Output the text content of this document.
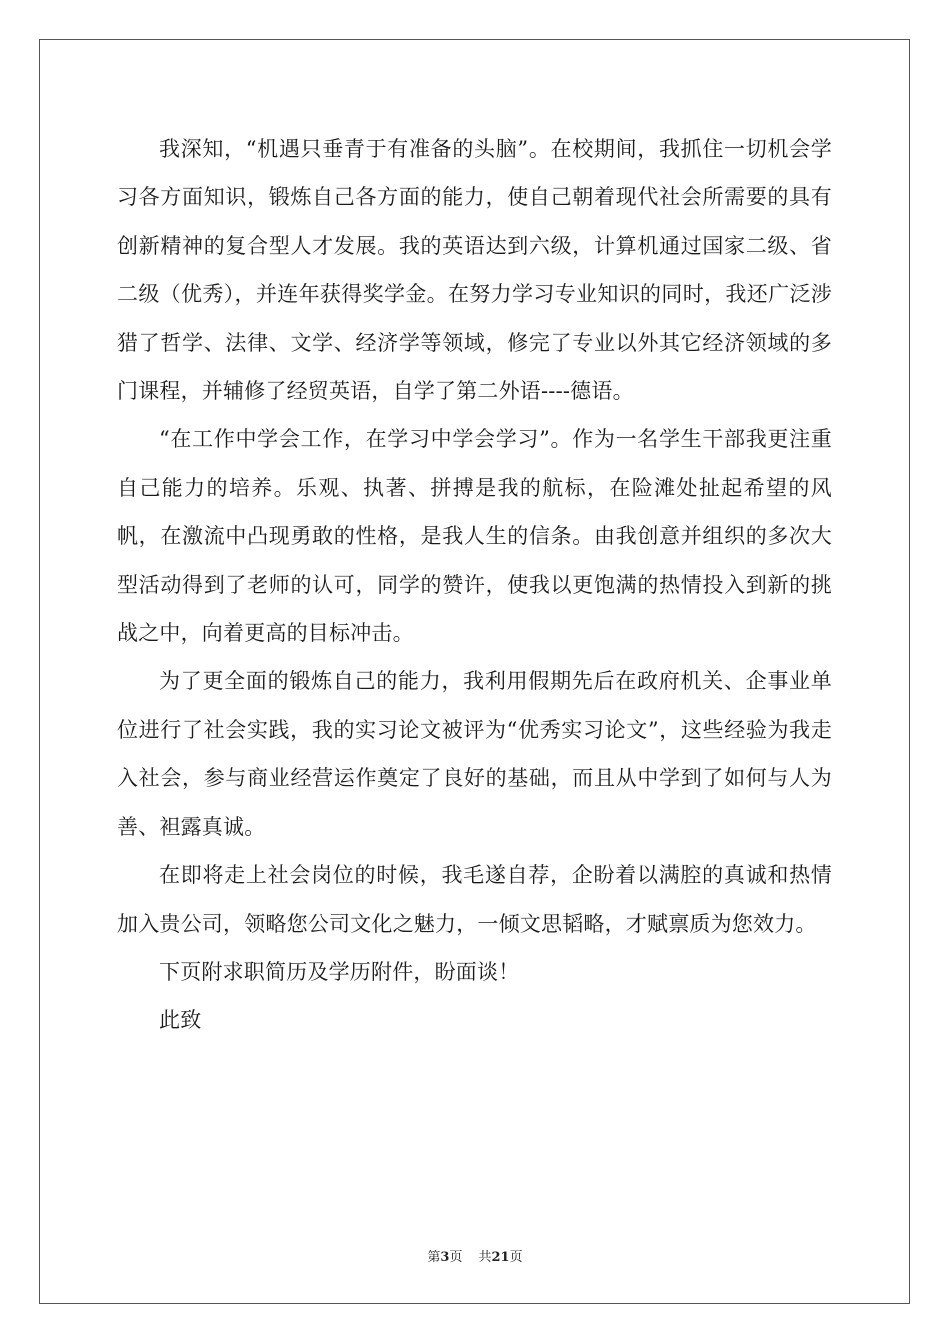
我深知，“机遇只垂青于有准备的头脑”。在校期间，我抓住一切机会学习各方面知识，锻炼自己各方面的能力，使自己朝着现代社会所需要的具有创新精神的复合型人才发展。我的英语达到六级，计算机通过国家二级、省二级（优秀），并连年获得奖学金。在努力学习专业知识的同时，我还广泛涉猎了哲学、法律、文学、经济学等领域，修完了专业以外其它经济领域的多门课程，并辅修了经贸英语，自学了第二外语----德语。

“在工作中学会工作，在学习中学会学习”。作为一名学生干部我更注重自己能力的培养。乐观、执著、拼搏是我的航标，在险滩处扯起希望的风帆，在激流中凸现勇敢的性格，是我人生的信条。由我创意并组织的多次大型活动得到了老师的认可，同学的赞许，使我以更饱满的热情投入到新的挑战之中，向着更高的目标冲击。

为了更全面的锻炼自己的能力，我利用假期先后在政府机关、企事业单位进行了社会实践，我的实习论文被评为“优秀实习论文”，这些经验为我走入社会，参与商业经营运作奠定了良好的基础，而且从中学到了如何与人为善、袒露真诚。

在即将走上社会岗位的时候，我毛遂自荐，企盼着以满腔的真诚和热情加入贵公司，领略您公司文化之魅力，一倾文思韬略，才赋禀质为您效力。

下页附求职简历及学历附件，盼面谈！

此致

第3页 共21页
